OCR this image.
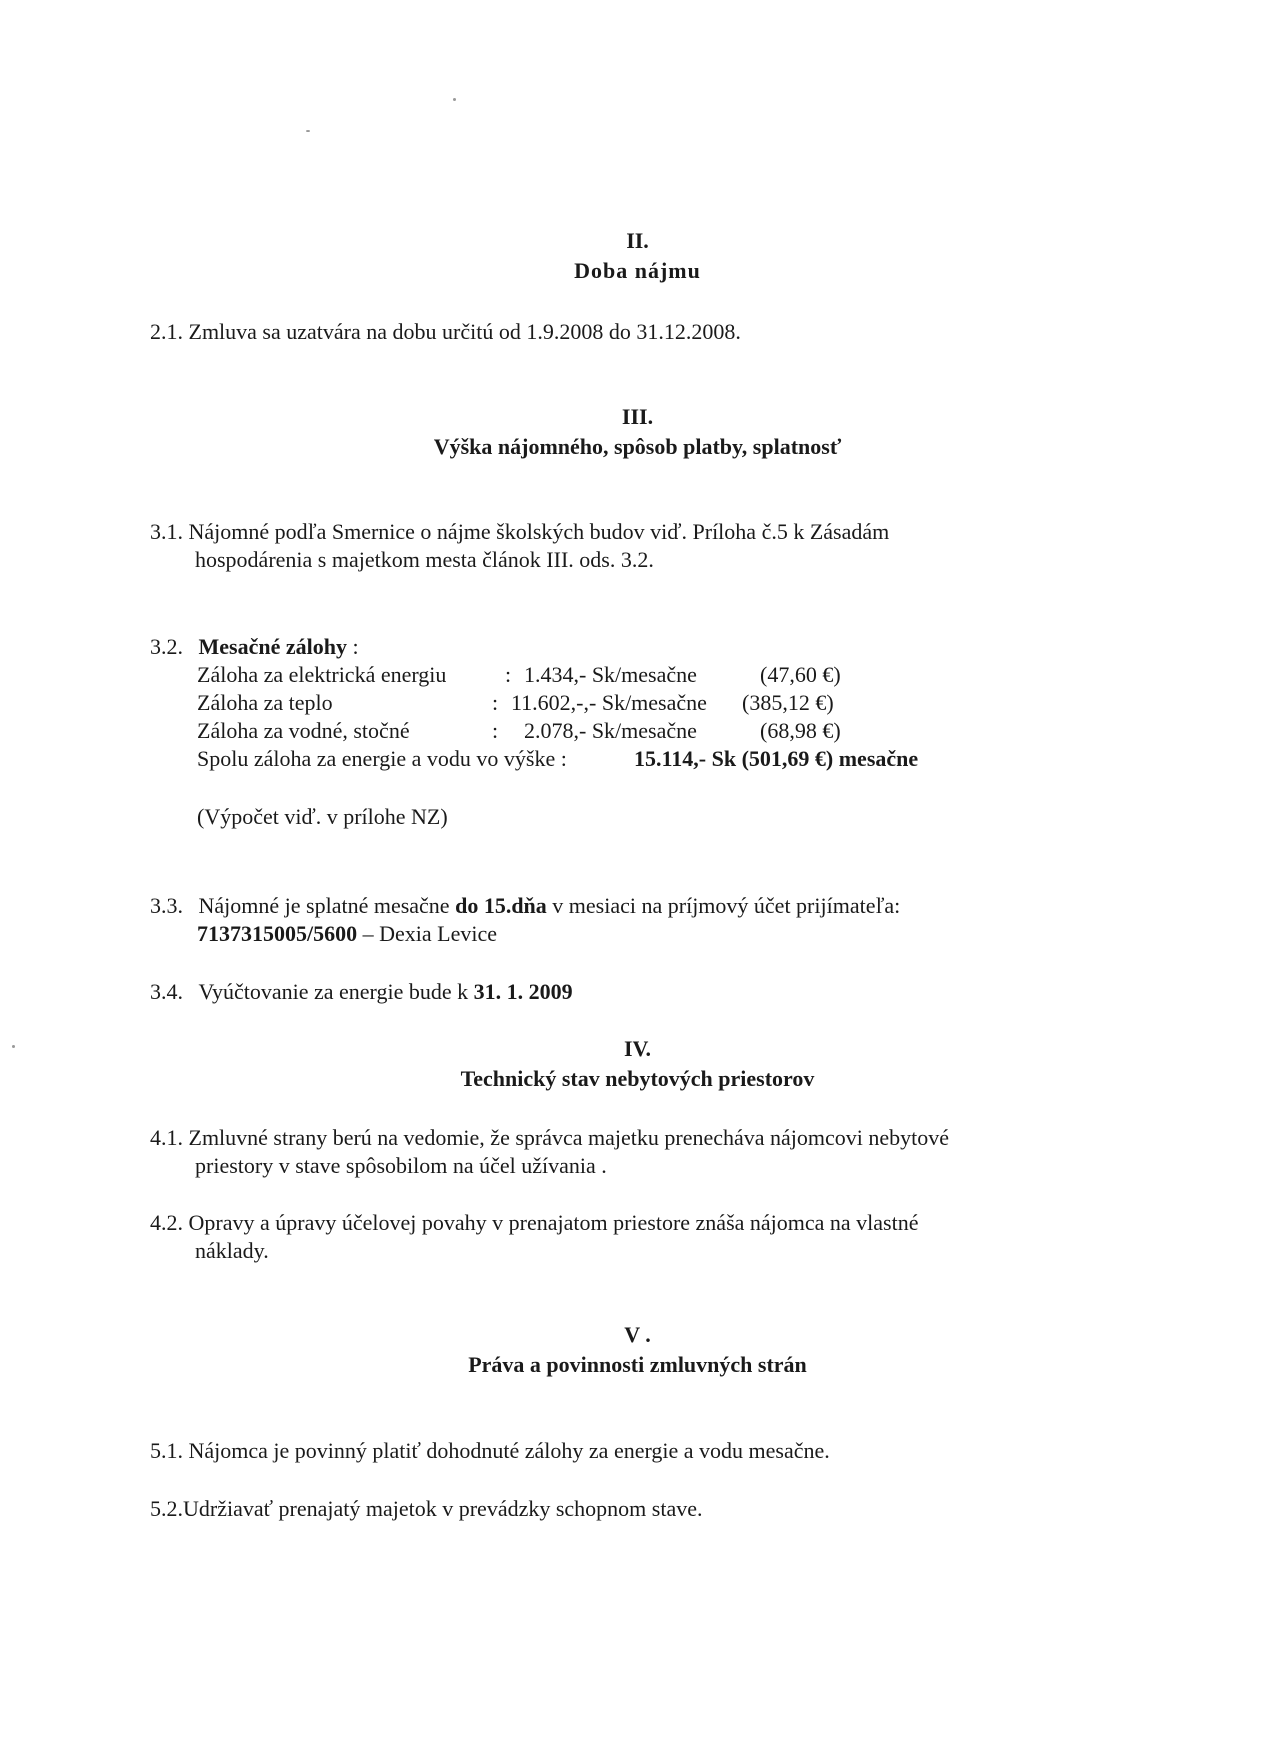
II.
Doba nájmu
2.1. Zmluva sa uzatvára na dobu určitú od 1.9.2008 do 31.12.2008.
III.
Výška nájomného, spôsob platby, splatnosť
3.1. Nájomné podľa Smernice o nájme školských budov viď. Príloha č.5 k Zásadám
hospodárenia s majetkom mesta článok III. ods. 3.2.
3.2. Mesačné zálohy :
Záloha za elektrická energiu	: 1.434,- Sk/mesačne	(47,60 €)
Záloha za teplo	: 11.602,-,- Sk/mesačne (385,12 €)
Záloha za vodné, stočné	: 2.078,- Sk/mesačne	(68,98 €)
Spolu záloha za energie a vodu vo výške :	15.114,- Sk (501,69 €) mesačne
(Výpočet viď. v prílohe NZ)
3.3. Nájomné je splatné mesačne do 15.dňa v mesiaci na príjmový účet prijímateľa:
7137315005/5600 – Dexia Levice
3.4. Vyúčtovanie za energie bude k 31. 1. 2009
IV.
Technický stav nebytových priestorov
4.1. Zmluvné strany berú na vedomie, že správca majetku prenecháva nájomcovi nebytové
priestory v stave spôsobilom na účel užívania .
4.2. Opravy a úpravy účelovej povahy v prenajatom priestore znáša nájomca na vlastné
náklady.
V .
Práva a povinnosti zmluvných strán
5.1. Nájomca je povinný platiť dohodnuté zálohy za energie a vodu mesačne.
5.2.Udržiavať prenajatý majetok v prevádzky schopnom stave.
